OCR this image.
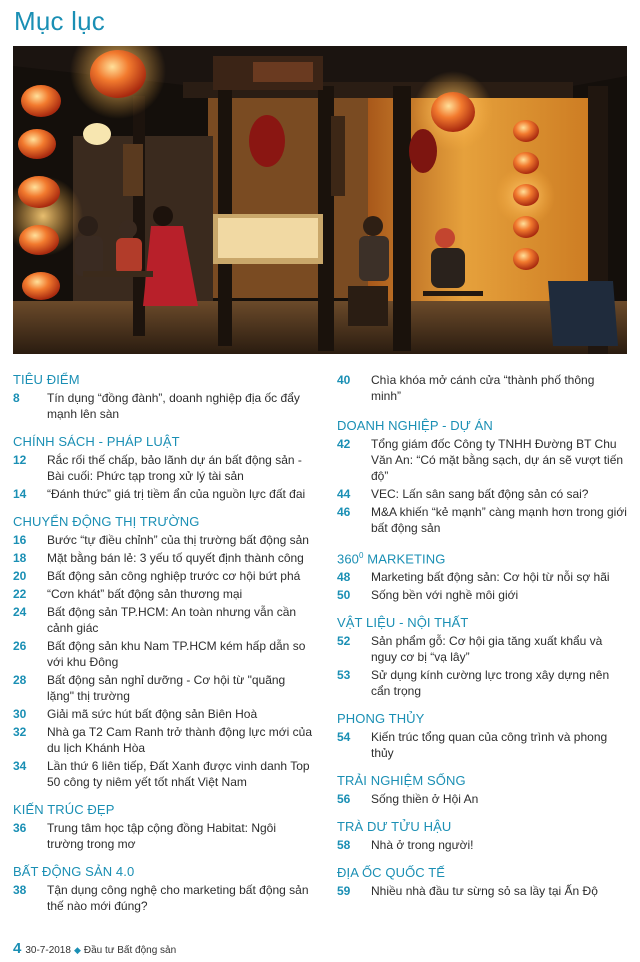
Mục lục
TIÊU ĐIỂM
8	Tín dụng “đồng đành”, doanh nghiệp địa ốc đẩy mạnh lên sàn
CHÍNH SÁCH - PHÁP LUẬT
12	Rắc rối thế chấp, bảo lãnh dự án bất động sản - Bài cuối: Phức tạp trong xử lý tài sản
14	“Đánh thức” giá trị tiềm ẩn của nguồn lực đất đai
CHUYỂN ĐỘNG THỊ TRƯỜNG
16	Bước “tự điều chỉnh” của thị trường bất động sản
18	Mặt bằng bán lẻ: 3 yếu tố quyết định thành công
20	Bất động sản công nghiệp trước cơ hội bứt phá
22	“Cơn khát” bất động sản thương mại
24	Bất động sản TP.HCM: An toàn nhưng vẫn cần cảnh giác
26	Bất động sản khu Nam TP.HCM kém hấp dẫn so với khu Đông
28	Bất động sản nghỉ dưỡng - Cơ hội từ "quãng lặng" thị trường
30	Giải mã sức hút bất động sản Biên Hoà
32	Nhà ga T2 Cam Ranh trở thành động lực mới của du lịch Khánh Hòa
34	Lần thứ 6 liên tiếp, Đất Xanh được vinh danh Top 50 công ty niêm yết tốt nhất Việt Nam
KIẾN TRÚC ĐẸP
36	Trung tâm học tập cộng đồng Habitat: Ngôi trường trong mơ
BẤT ĐỘNG SẢN 4.0
38	Tận dụng công nghệ cho marketing bất động sản thế nào mới đúng?
40	Chìa khóa mở cánh cửa “thành phố thông minh”
DOANH NGHIỆP - DỰ ÁN
42	Tổng giám đốc Công ty TNHH Đường BT Chu Văn An: “Có mặt bằng sạch, dự án sẽ vượt tiến độ”
44	VEC: Lấn sân sang bất động sản có sai?
46	M&A khiến “kẻ mạnh” càng mạnh hơn trong giới bất động sản
$360^0$ MARKETING
48	Marketing bất động sản: Cơ hội từ nỗi sợ hãi
50	Sống bền với nghề môi giới
VẬT LIỆU - NỘI THẤT
52	Sản phẩm gỗ: Cơ hội gia tăng xuất khẩu và nguy cơ bị “vạ lây”
53	Sử dụng kính cường lực trong xây dựng nên cẩn trọng
PHONG THỦY
54	Kiến trúc tổng quan của công trình và phong thủy
TRẢI NGHIỆM SỐNG
56	Sống thiền ở Hội An
TRÀ DƯ TỬU HẬU
58	Nhà ở trong người!
ĐỊA ỐC QUỐC TẾ
59	Nhiều nhà đầu tư sừng sỏ sa lầy tại Ấn Độ
4 30-7-2018 ◆ Đầu tư Bất động sản
